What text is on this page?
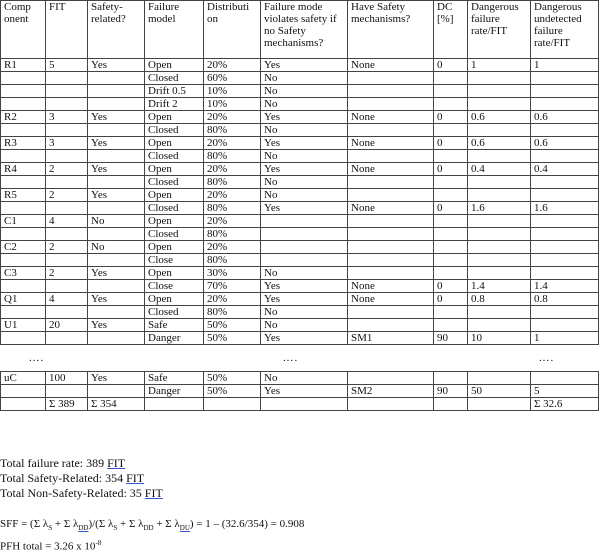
Comp onent	FIT	Safety-related?	Failure model	Distributi on	Failure mode violates safety if no Safety mechanisms?	Have Safety mechanisms?	DC [%]	Dangerous failure rate/FIT	Dangerous undetected failure rate/FIT
R1	5	Yes	Open	20%	Yes	None	0	1	1
			Closed	60%	No				
			Drift 0.5	10%	No				
			Drift 2	10%	No				
R2	3	Yes	Open	20%	Yes	None	0	0.6	0.6
			Closed	80%	No				
R3	3	Yes	Open	20%	Yes	None	0	0.6	0.6
			Closed	80%	No				
R4	2	Yes	Open	20%	Yes	None	0	0.4	0.4
			Closed	80%	No				
R5	2	Yes	Open	20%	No				
			Closed	80%	Yes	None	0	1.6	1.6
C1	4	No	Open	20%					
			Closed	80%					
C2	2	No	Open	20%					
			Close	80%					
C3	2	Yes	Open	30%	No				
			Close	70%	Yes	None	0	1.4	1.4
Q1	4	Yes	Open	20%	Yes	None	0	0.8	0.8
			Closed	80%	No				
U1	20	Yes	Safe	50%	No				
			Danger	50%	Yes	SM1	90	10	1
….					….				….
uC	100	Yes	Safe	50%	No				
			Danger	50%	Yes	SM2	90	50	5
	Σ 389	Σ 354							Σ 32.6
Total failure rate: 389 FIT
Total Safety-Related: 354 FIT
Total Non-Safety-Related: 35 FIT
SFF = (Σ $\lambda_S + \Sigma$ $\lambda_{DD})/(\Sigma$ $\lambda_S + \Sigma$ $\lambda_{DD} + \Sigma$ $\lambda_{DU}) = 1 - (32.6/354) = 0.908$
PFH total = 3.26 x $10^{-8}$
